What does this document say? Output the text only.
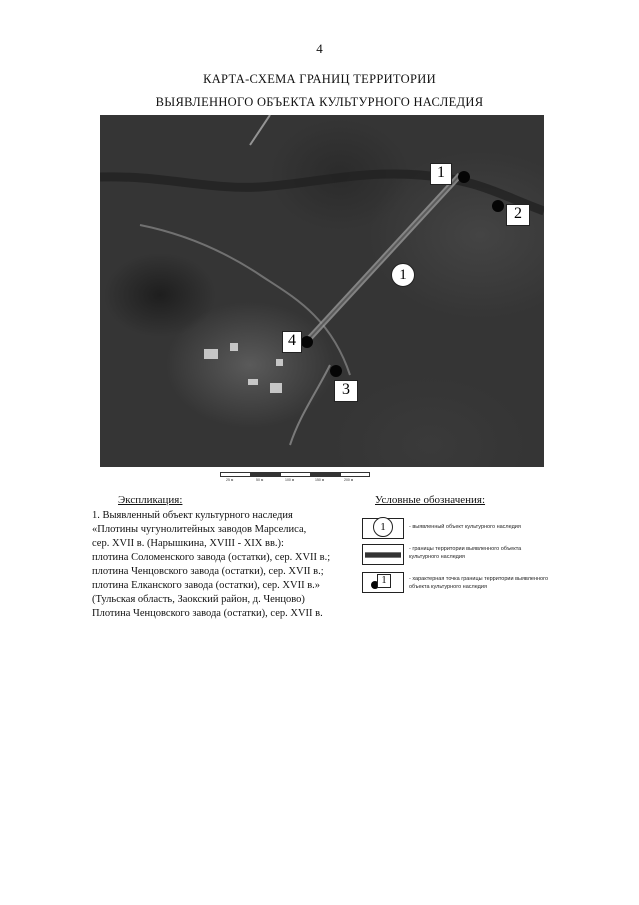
4
КАРТА-СХЕМА ГРАНИЦ ТЕРРИТОРИИ
ВЫЯВЛЕННОГО ОБЪЕКТА КУЛЬТУРНОГО НАСЛЕДИЯ
1
2
3
4
1
25 м	50 м	100 м	150 м	200 м
Экспликация:	Условные обозначения:
1. Выявленный объект культурного наследия
«Плотины чугунолитейных заводов Марселиса,
сер. XVII в. (Нарышкина, XVIII - XIX вв.):
плотина Соломенского завода (остатки), сер. XVII в.;
плотина Ченцовского завода (остатки), сер. XVII в.;
плотина Елканского завода (остатки), сер. XVII в.»
(Тульская область, Заокский район, д. Ченцово)
Плотина Ченцовского завода (остатки), сер. XVII в.
1	- выявленный объект культурного наследия
- границы территории выявленного объекта культурного наследия
1	- характерная точка границы территории выявленного объекта культурного наследия
